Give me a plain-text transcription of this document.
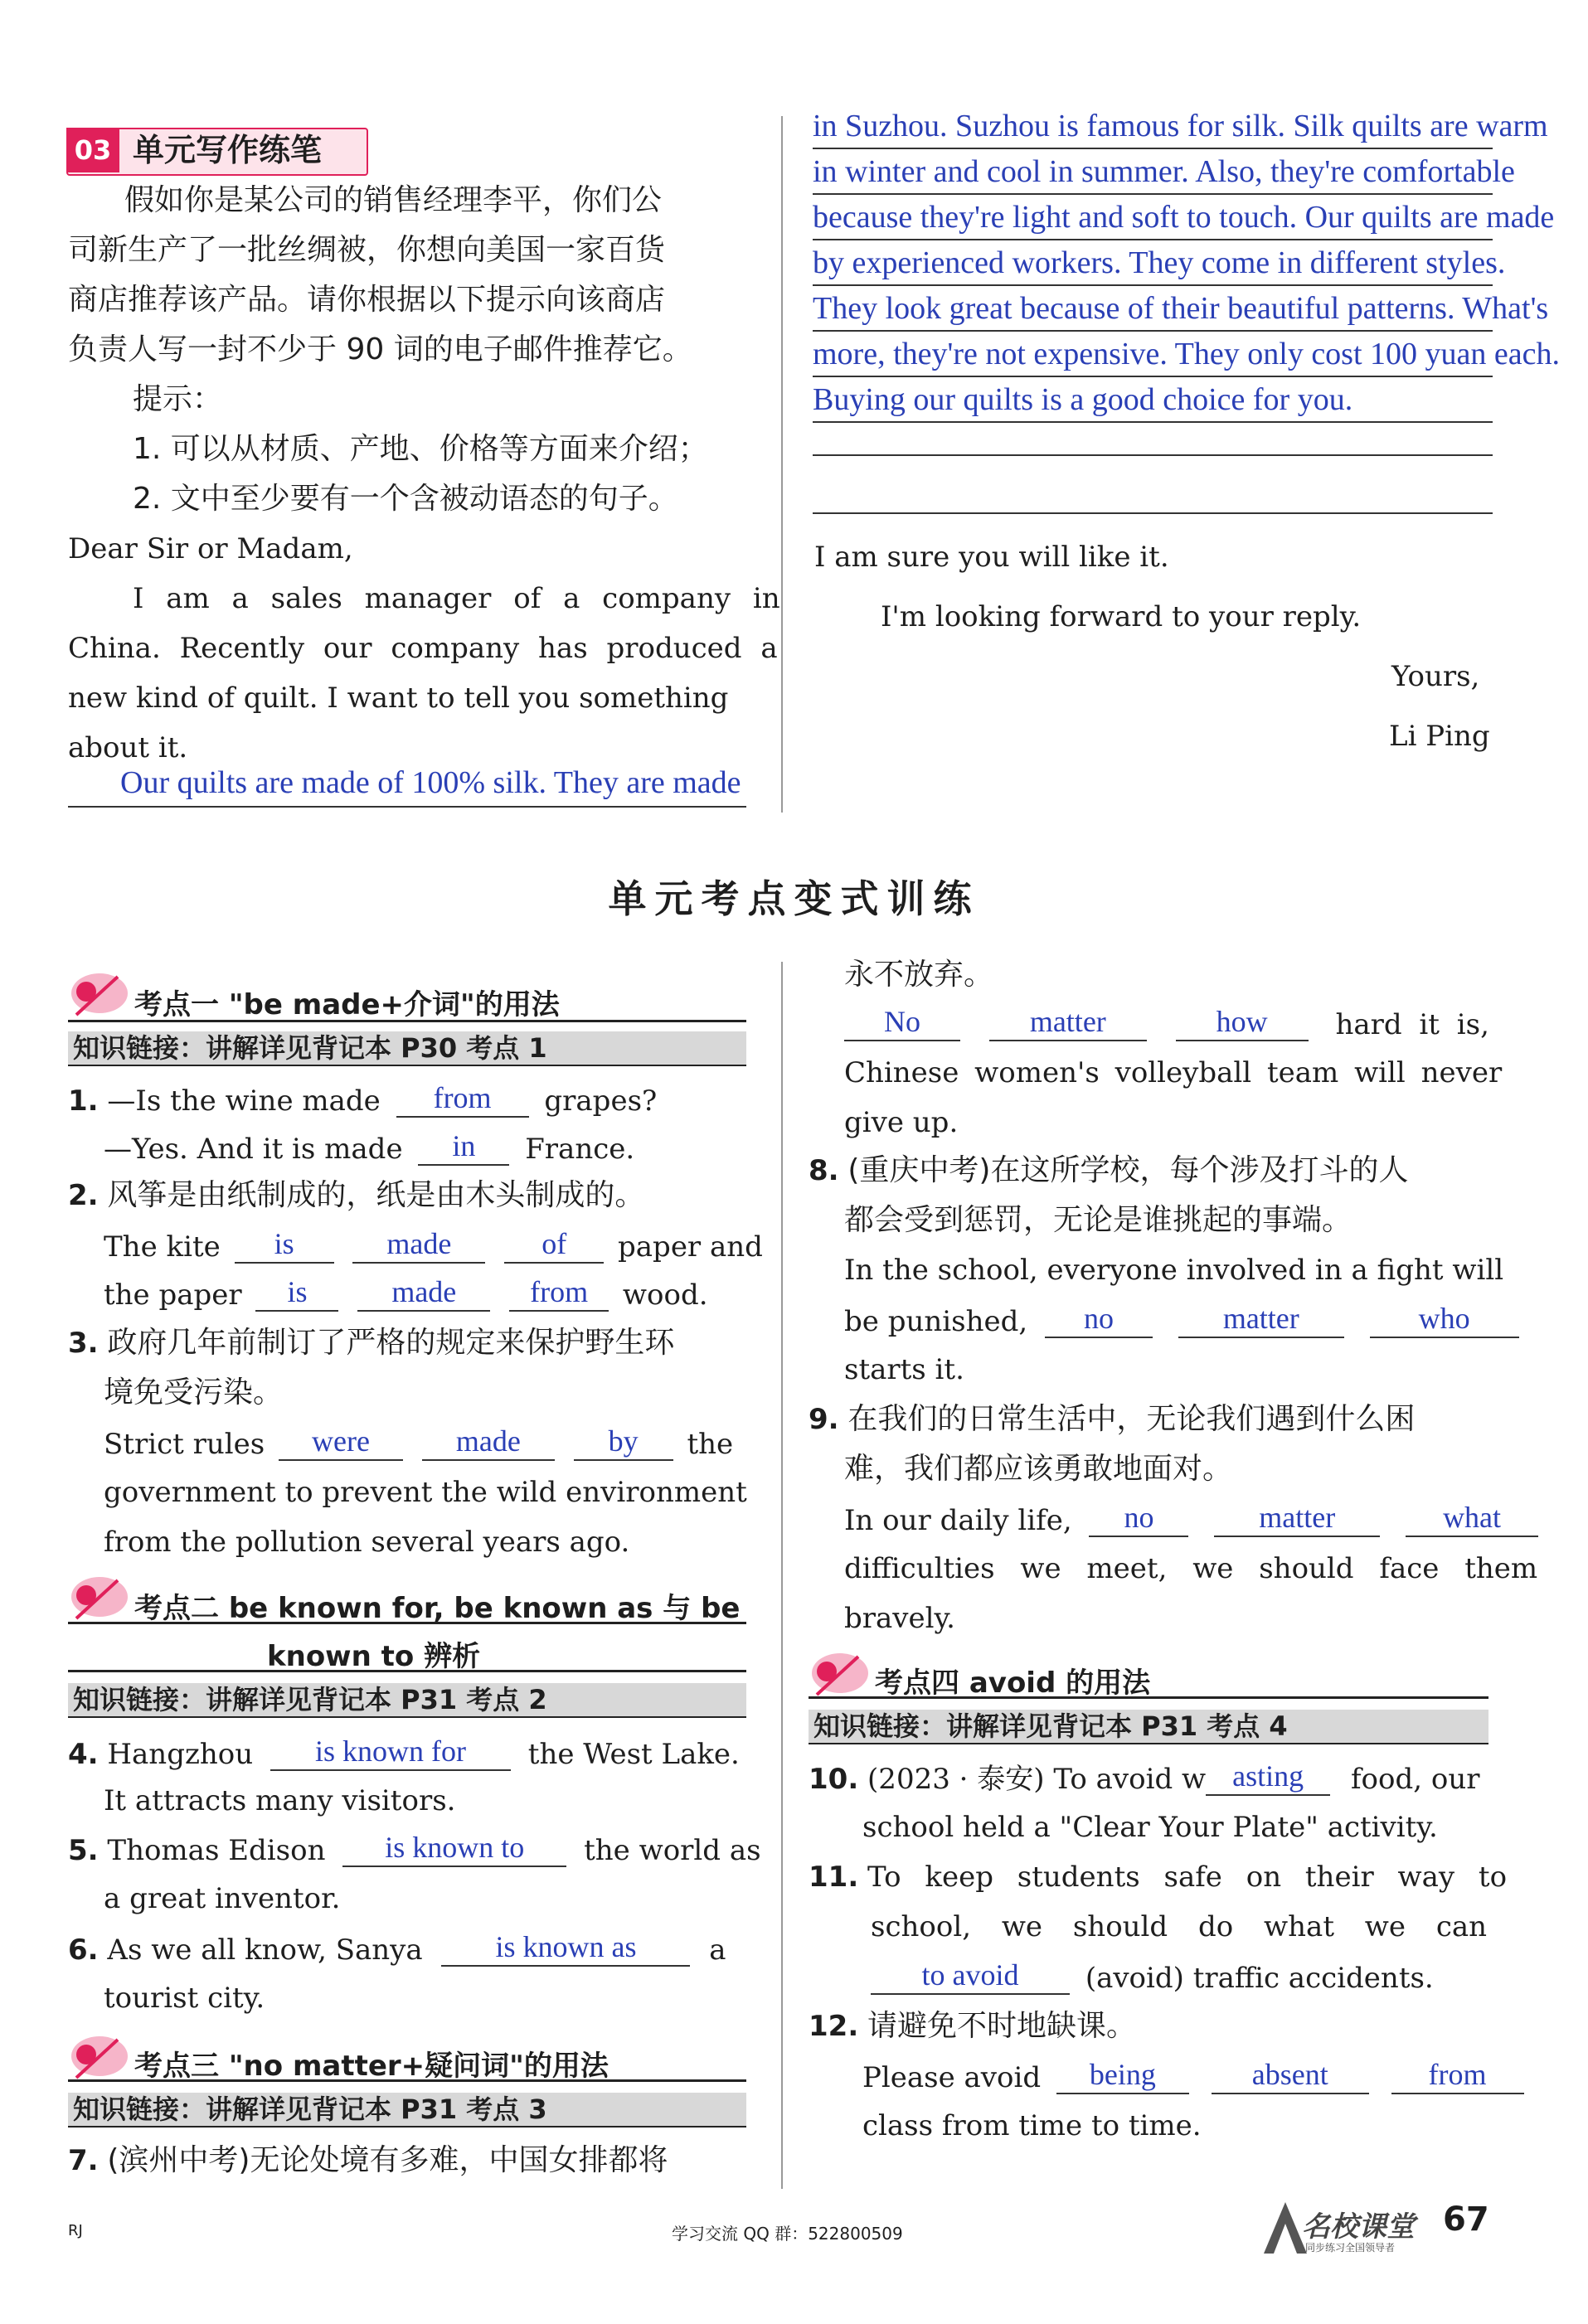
03 单元写作练笔
假如你是某公司的销售经理李平，你们公
司新生产了一批丝绸被，你想向美国一家百货
商店推荐该产品。请你根据以下提示向该商店
负责人写一封不少于 90 词的电子邮件推荐它。
提示：
1. 可以从材质、产地、价格等方面来介绍；
2. 文中至少要有一个含被动语态的句子。
Dear Sir or Madam,
I am a sales manager of a company in
China. Recently our company has produced a
new kind of quilt. I want to tell you something
about it.
Our quilts are made of 100% silk. They are made
in Suzhou. Suzhou is famous for silk. Silk quilts are warm
in winter and cool in summer. Also, they're comfortable
because they're light and soft to touch. Our quilts are made
by experienced workers. They come in different styles.
They look great because of their beautiful patterns. What's
more, they're not expensive. They only cost 100 yuan each.
Buying our quilts is a good choice for you.
I am sure you will like it.
I'm looking forward to your reply.
Yours,
Li Ping
单元考点变式训练
考点一 "be made+介词"的用法
知识链接：讲解详见背记本 P30 考点 1
1. —Is the wine made	from	grapes?
—Yes. And it is made	in	France.
2. 风筝是由纸制成的，纸是由木头制成的。
The kite	is
	made
	of	paper and
the paper	is
	made
	from	wood.
3. 政府几年前制订了严格的规定来保护野生环
境免受污染。
Strict rules	were
	made
	by	the
government to prevent the wild environment
from the pollution several years ago.
考点二 be known for, be known as 与 be
known to 辨析
知识链接：讲解详见背记本 P31 考点 2
4. Hangzhou	is known for	the West Lake.
It attracts many visitors.
5. Thomas Edison	is known to	the world as
a great inventor.
6. As we all know, Sanya	is known as	a
tourist city.
考点三 "no matter+疑问词"的用法
知识链接：讲解详见背记本 P31 考点 3
7. (滨州中考)无论处境有多难，中国女排都将
永不放弃。
No
	matter
	how	hard it is,
Chinese women's volleyball team will never
give up.
8. (重庆中考)在这所学校，每个涉及打斗的人
都会受到惩罚，无论是谁挑起的事端。
In the school, everyone involved in a fight will
be punished,	no
	matter
	who
starts it.
9. 在我们的日常生活中，无论我们遇到什么困
难，我们都应该勇敢地面对。
In our daily life,	no
	matter
	what
difficulties we meet, we should face them
bravely.
考点四 avoid 的用法
知识链接：讲解详见背记本 P31 考点 4
10. (2023 · 泰安) To avoid w asting	food, our
school held a "Clear Your Plate" activity.
11. To keep students safe on their way to
school, we should do what we can
to avoid	(avoid) traffic accidents.
12. 请避免不时地缺课。
Please avoid	being
	absent
	from
class from time to time.
RJ	学习交流 QQ 群：522800509	名校课堂
同步练习全国领导者
67
